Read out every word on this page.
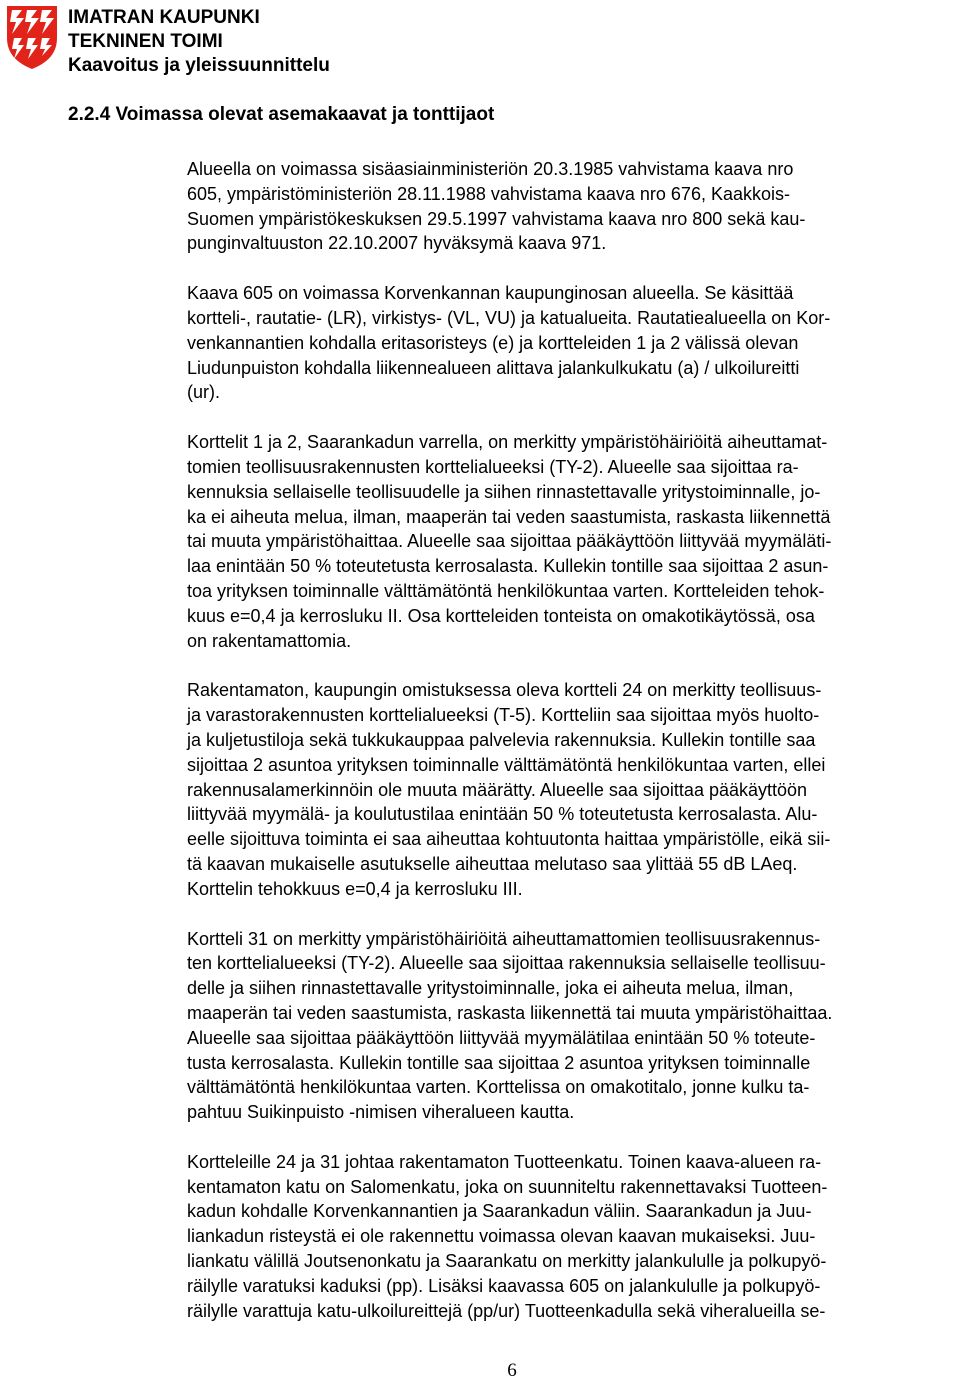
IMATRAN KAUPUNKI
TEKNINEN TOIMI
Kaavoitus ja yleissuunnittelu
2.2.4 Voimassa olevat asemakaavat ja tonttijaot
Alueella on voimassa sisäasiainministeriön 20.3.1985 vahvistama kaava nro
605, ympäristöministeriön 28.11.1988 vahvistama kaava nro 676, Kaakkois-
Suomen ympäristökeskuksen 29.5.1997 vahvistama kaava nro 800 sekä kau-
punginvaltuuston 22.10.2007 hyväksymä kaava 971.
Kaava 605 on voimassa Korvenkannan kaupunginosan alueella. Se käsittää
kortteli-, rautatie- (LR), virkistys- (VL, VU) ja katualueita. Rautatiealueella on Kor-
venkannantien kohdalla eritasoristeys (e) ja kortteleiden 1 ja 2 välissä olevan
Liudunpuiston kohdalla liikennealueen alittava jalankulkukatu (a) / ulkoilureitti
(ur).
Korttelit 1 ja 2, Saarankadun varrella, on merkitty ympäristöhäiriöitä aiheuttamat-
tomien teollisuusrakennusten korttelialueeksi (TY-2). Alueelle saa sijoittaa ra-
kennuksia sellaiselle teollisuudelle ja siihen rinnastettavalle yritystoiminnalle, jo-
ka ei aiheuta melua, ilman, maaperän tai veden saastumista, raskasta liikennettä
tai muuta ympäristöhaittaa. Alueelle saa sijoittaa pääkäyttöön liittyvää myymäläti-
laa enintään 50 % toteutetusta kerrosalasta. Kullekin tontille saa sijoittaa 2 asun-
toa yrityksen toiminnalle välttämätöntä henkilökuntaa varten. Kortteleiden tehok-
kuus e=0,4 ja kerrosluku II. Osa kortteleiden tonteista on omakotikäytössä, osa
on rakentamattomia.
Rakentamaton, kaupungin omistuksessa oleva kortteli 24 on merkitty teollisuus-
ja varastorakennusten korttelialueeksi (T-5). Kortteliin saa sijoittaa myös huolto-
ja kuljetustiloja sekä tukkukauppaa palvelevia rakennuksia. Kullekin tontille saa
sijoittaa 2 asuntoa yrityksen toiminnalle välttämätöntä henkilökuntaa varten, ellei
rakennusalamerkinnöin ole muuta määrätty. Alueelle saa sijoittaa pääkäyttöön
liittyvää myymälä- ja koulutustilaa enintään 50 % toteutetusta kerrosalasta. Alu-
eelle sijoittuva toiminta ei saa aiheuttaa kohtuutonta haittaa ympäristölle, eikä sii-
tä kaavan mukaiselle asutukselle aiheuttaa melutaso saa ylittää 55 dB LAeq.
Korttelin tehokkuus e=0,4 ja kerrosluku III.
Kortteli 31 on merkitty ympäristöhäiriöitä aiheuttamattomien teollisuusrakennus-
ten korttelialueeksi (TY-2). Alueelle saa sijoittaa rakennuksia sellaiselle teollisuu-
delle ja siihen rinnastettavalle yritystoiminnalle, joka ei aiheuta melua, ilman,
maaperän tai veden saastumista, raskasta liikennettä tai muuta ympäristöhaittaa.
Alueelle saa sijoittaa pääkäyttöön liittyvää myymälätilaa enintään 50 % toteute-
tusta kerrosalasta. Kullekin tontille saa sijoittaa 2 asuntoa yrityksen toiminnalle
välttämätöntä henkilökuntaa varten. Korttelissa on omakotitalo, jonne kulku ta-
pahtuu Suikinpuisto -nimisen viheralueen kautta.
Kortteleille 24 ja 31 johtaa rakentamaton Tuotteenkatu. Toinen kaava-alueen ra-
kentamaton katu on Salomenkatu, joka on suunniteltu rakennettavaksi Tuotteen-
kadun kohdalle Korvenkannantien ja Saarankadun väliin. Saarankadun ja Juu-
liankadun risteystä ei ole rakennettu voimassa olevan kaavan mukaiseksi. Juu-
liankatu välillä Joutsenonkatu ja Saarankatu on merkitty jalankululle ja polkupyö-
räilylle varatuksi kaduksi (pp). Lisäksi kaavassa 605 on jalankululle ja polkupyö-
räilylle varattuja katu-ulkoilureittejä (pp/ur) Tuotteenkadulla sekä viheralueilla se-
6
